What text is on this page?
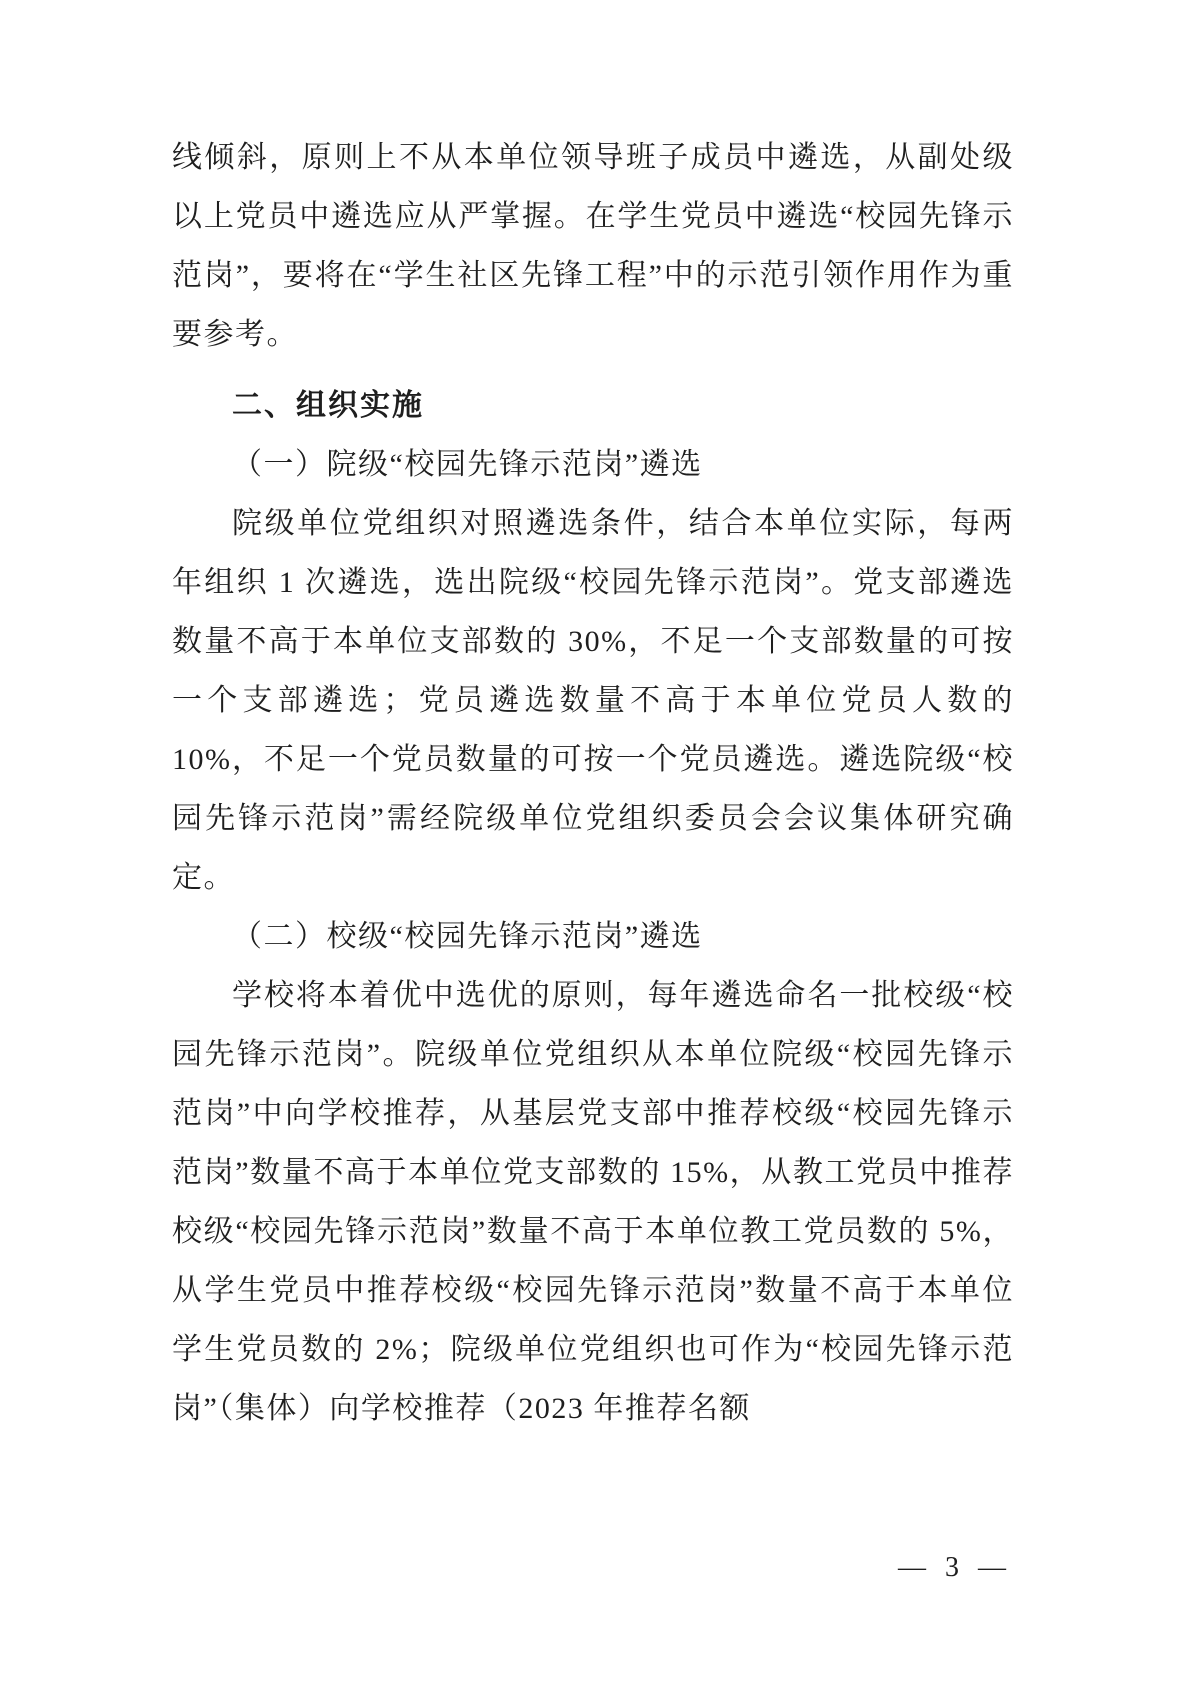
线倾斜，原则上不从本单位领导班子成员中遴选，从副处级以上党员中遴选应从严掌握。在学生党员中遴选“校园先锋示范岗”，要将在“学生社区先锋工程”中的示范引领作用作为重要参考。

二、组织实施

（一）院级“校园先锋示范岗”遴选

院级单位党组织对照遴选条件，结合本单位实际，每两年组织 1 次遴选，选出院级“校园先锋示范岗”。党支部遴选数量不高于本单位支部数的 30%，不足一个支部数量的可按一个支部遴选；党员遴选数量不高于本单位党员人数的 10%，不足一个党员数量的可按一个党员遴选。遴选院级“校园先锋示范岗”需经院级单位党组织委员会会议集体研究确定。

（二）校级“校园先锋示范岗”遴选

学校将本着优中选优的原则，每年遴选命名一批校级“校园先锋示范岗”。院级单位党组织从本单位院级“校园先锋示范岗”中向学校推荐，从基层党支部中推荐校级“校园先锋示范岗”数量不高于本单位党支部数的 15%，从教工党员中推荐校级“校园先锋示范岗”数量不高于本单位教工党员数的 5%，从学生党员中推荐校级“校园先锋示范岗”数量不高于本单位学生党员数的 2%；院级单位党组织也可作为“校园先锋示范岗”（集体）向学校推荐（2023 年推荐名额

— 3 —
